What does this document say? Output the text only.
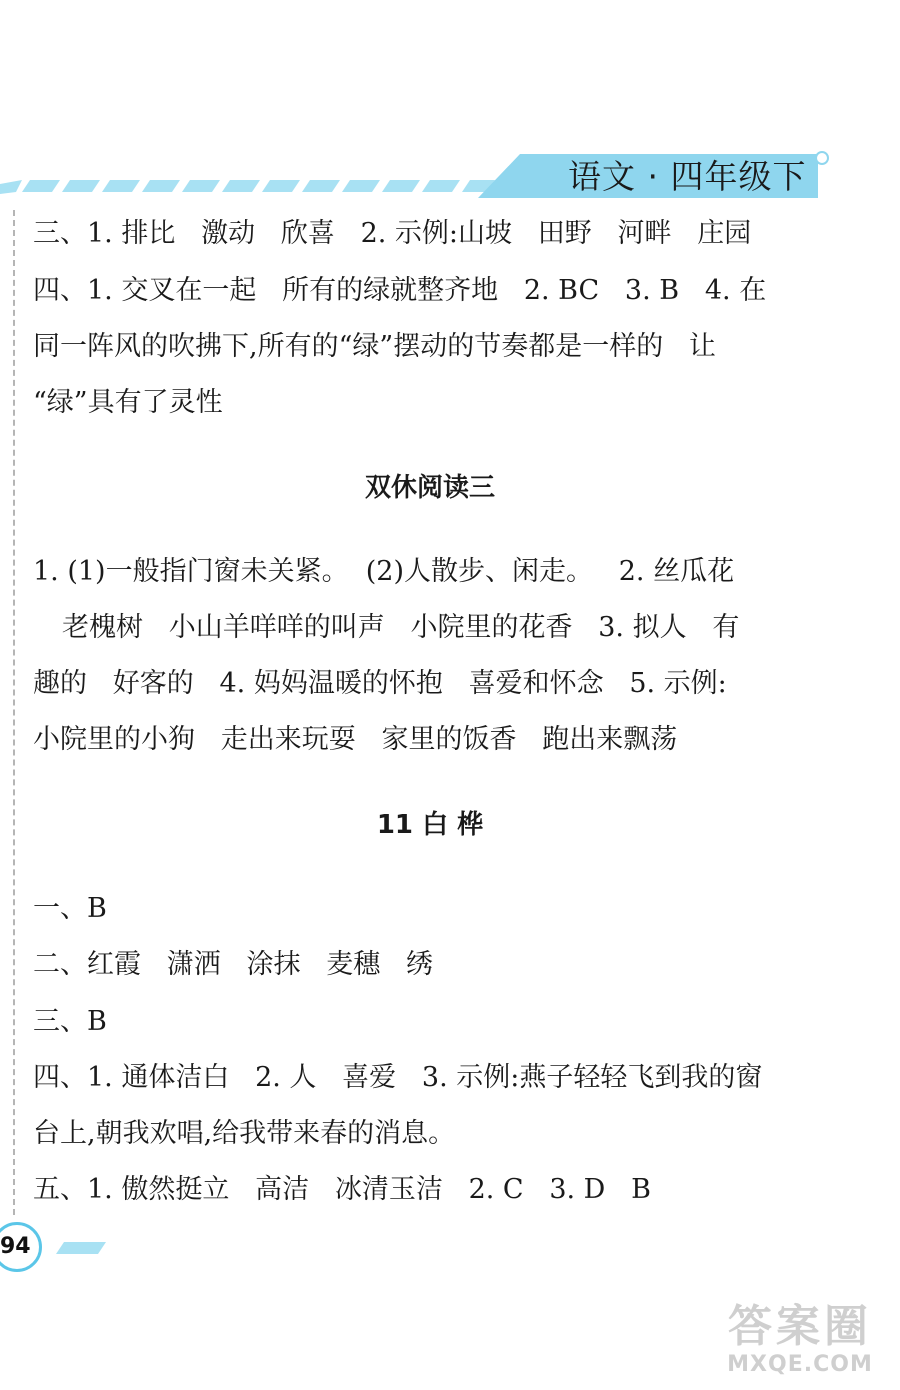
语文 · 四年级下
三、1. 排比   激动   欣喜   2. 示例:山坡   田野   河畔   庄园
四、1. 交叉在一起   所有的绿就整齐地   2. BC   3. B   4. 在
同一阵风的吹拂下,所有的“绿”摆动的节奏都是一样的   让
“绿”具有了灵性
双休阅读三
1. (1)一般指门窗未关紧。  (2)人散步、闲走。   2. 丝瓜花
老槐树   小山羊咩咩的叫声   小院里的花香   3. 拟人   有
趣的   好客的   4. 妈妈温暖的怀抱   喜爱和怀念   5. 示例:
小院里的小狗   走出来玩耍   家里的饭香   跑出来飘荡
11 白 桦
一、B
二、红霞   潇洒   涂抹   麦穗   绣
三、B
四、1. 通体洁白   2. 人   喜爱   3. 示例:燕子轻轻飞到我的窗
台上,朝我欢唱,给我带来春的消息。
五、1. 傲然挺立   高洁   冰清玉洁   2. C   3. D   B
94
答案圈
MXQE.COM
